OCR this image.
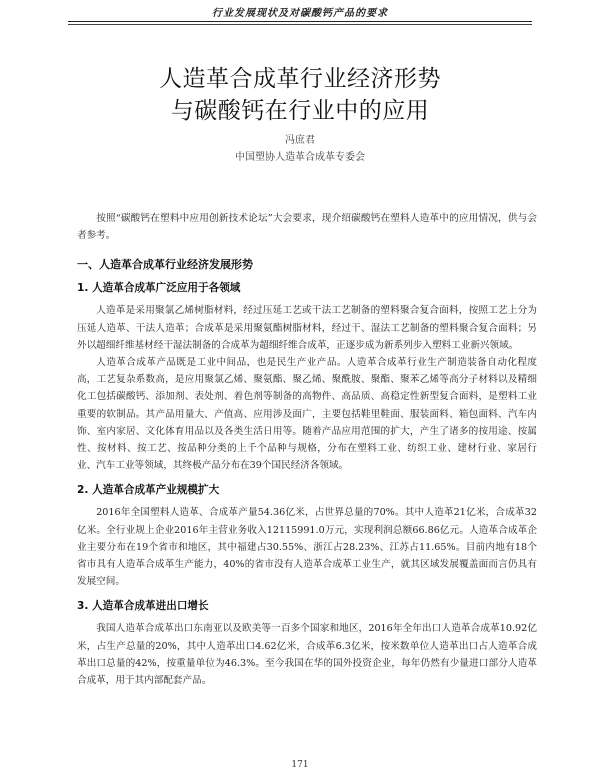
行业发展现状及对碳酸钙产品的要求
人造革合成革行业经济形势
与碳酸钙在行业中的应用
冯庶君
中国塑协人造革合成革专委会

按照“碳酸钙在塑料中应用创新技术论坛”大会要求，现介绍碳酸钙在塑料人造革中的应用情况，供与会者参考。

一、人造革合成革行业经济发展形势
1. 人造革合成革广泛应用于各领域

人造革是采用聚氯乙烯树脂材料，经过压延工艺或干法工艺制备的塑料聚合复合面料，按照工艺上分为压延人造革、干法人造革；合成革是采用聚氨酯树脂材料，经过干、湿法工艺制备的塑料聚合复合面料；另外以超细纤维基材经干湿法制备的合成革为超细纤维合成革，正逐步成为新系列步入塑料工业新兴领域。

人造革合成革产品既是工业中间品，也是民生产业产品。人造革合成革行业生产制造装备自动化程度高，工艺复杂系数高，是应用聚氯乙烯、聚氨酯、聚乙烯、聚酰胺、聚酯、聚苯乙烯等高分子材料以及精细化工包括碳酸钙、添加剂、表处剂、着色剂等制备的高物件、高品质、高稳定性新型复合面料，是塑料工业重要的软制品。其产品用量大、产值高、应用涉及面广，主要包括鞋里鞋面、服装面料、箱包面料、汽车内饰、室内家居、文化体育用品以及各类生活日用等。随着产品应用范围的扩大，产生了诸多的按用途、按属性、按材料、按工艺、按品种分类的上千个品种与规格，分布在塑料工业、纺织工业、建材行业、家居行业、汽车工业等领域，其终极产品分布在39个国民经济各领域。

2. 人造革合成革产业规模扩大

2016年全国塑料人造革、合成革产量54.36亿米，占世界总量的70%。其中人造革21亿米，合成革32亿米。全行业规上企业2016年主营业务收入12115991.0万元，实现利润总额66.86亿元。人造革合成革企业主要分布在19个省市和地区，其中福建占30.55%、浙江占28.23%、江苏占11.65%。目前内地有18个省市具有人造革合成革生产能力，40%的省市没有人造革合成革工业生产，就其区域发展覆盖面而言仍具有发展空间。

3. 人造革合成革进出口增长

我国人造革合成革出口东南亚以及欧美等一百多个国家和地区，2016年全年出口人造革合成革10.92亿米，占生产总量的20%，其中人造革出口4.62亿米，合成革6.3亿米，按米数单位人造革出口占人造革合成革出口总量的42%，按重量单位为46.3%。至今我国在华的国外投资企业，每年仍然有少量进口部分人造革合成革，用于其内部配套产品。

171
